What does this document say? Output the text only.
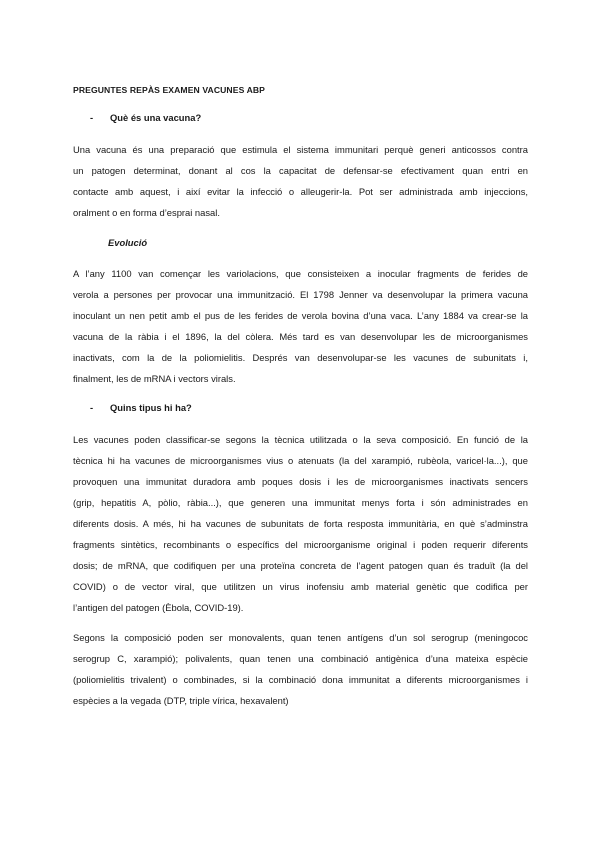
PREGUNTES REPÀS EXAMEN VACUNES ABP
- Què és una vacuna?
Una vacuna és una preparació que estimula el sistema immunitari perquè generi anticossos contra
un patogen determinat, donant al cos la capacitat de defensar-se efectivament quan entri en
contacte amb aquest, i així evitar la infecció o alleugerir-la. Pot ser administrada amb injeccions,
oralment o en forma d’esprai nasal.
Evolució
A l’any 1100 van començar les variolacions, que consisteixen a inocular fragments de ferides de
verola a persones per provocar una immunització. El 1798 Jenner va desenvolupar la primera vacuna
inoculant un nen petit amb el pus de les ferides de verola bovina d’una vaca. L’any 1884 va crear-se la
vacuna de la ràbia i el 1896, la del còlera. Més tard es van desenvolupar les de microorganismes
inactivats, com la de la poliomielitis. Després van desenvolupar-se les vacunes de subunitats i,
finalment, les de mRNA i vectors virals.
- Quins tipus hi ha?
Les vacunes poden classificar-se segons la tècnica utilitzada o la seva composició. En funció de la
tècnica hi ha vacunes de microorganismes vius o atenuats (la del xarampió, rubèola, varicel·la...), que
provoquen una immunitat duradora amb poques dosis i les de microorganismes inactivats sencers
(grip, hepatitis A, pòlio, ràbia...), que generen una immunitat menys forta i són administrades en
diferents dosis. A més, hi ha vacunes de subunitats de forta resposta immunitària, en què s’adminstra
fragments sintètics, recombinants o específics del microorganisme original i poden requerir diferents
dosis; de mRNA, que codifiquen per una proteïna concreta de l’agent patogen quan és traduït (la del
COVID) o de vector viral, que utilitzen un virus inofensiu amb material genètic que codifica per
l’antigen del patogen (Èbola, COVID-19).
Segons la composició poden ser monovalents, quan tenen antígens d’un sol serogrup (meningococ
serogrup C, xarampió); polivalents, quan tenen una combinació antigènica d’una mateixa espècie
(poliomielitis trivalent) o combinades, si la combinació dona immunitat a diferents microorganismes i
espècies a la vegada (DTP, triple vírica, hexavalent)
